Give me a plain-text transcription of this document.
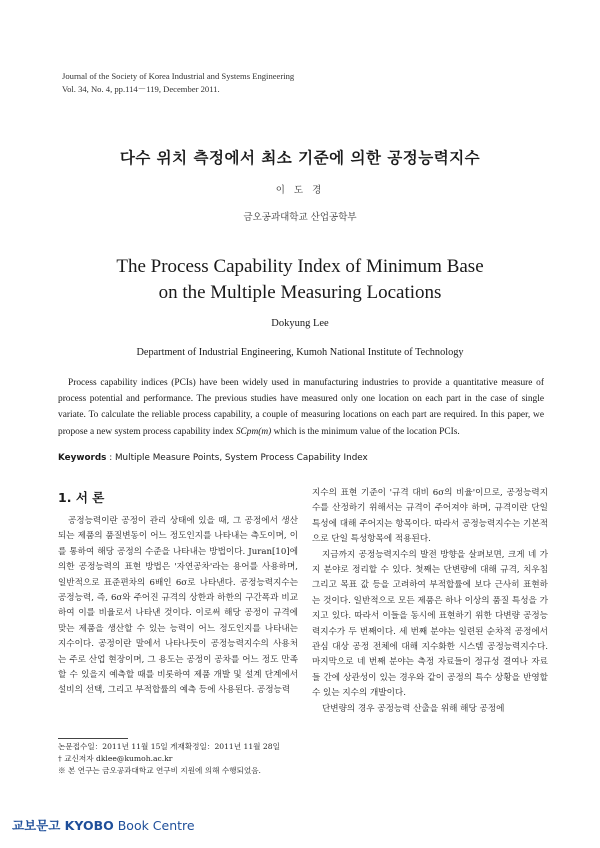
Journal of the Society of Korea Industrial and Systems Engineering
Vol. 34, No. 4, pp.114－119, December 2011.
다수 위치 측정에서 최소 기준에 의한 공정능력지수
이 도 경
금오공과대학교 산업공학부
The Process Capability Index of Minimum Base
on the Multiple Measuring Locations
Dokyung Lee
Department of Industrial Engineering, Kumoh National Institute of Technology

Process capability indices (PCIs) have been widely used in manufacturing industries to provide a quantitative measure of process potential and performance. The previous studies have measured only one location on each part in the case of single variate. To calculate the reliable process capability, a couple of measuring locations on each part are required. In this paper, we propose a new system process capability index SCpm(m) which is the minimum value of the location PCIs.

Keywords : Multiple Measure Points, System Process Capability Index
1. 서 론

공정능력이란 공정이 관리 상태에 있을 때, 그 공정에서 생산되는 제품의 품질변동이 어느 정도인지를 나타내는 측도이며, 이를 통하여 해당 공정의 수준을 나타내는 방법이다. Juran[10]에 의한 공정능력의 표현 방법은 '자연공차'라는 용어를 사용하며, 일반적으로 표준편차의 6배인 6σ로 나타낸다. 공정능력지수는 공정능력, 즉, 6σ와 주어진 규격의 상한과 하한의 구간폭과 비교하여 이를 비율로서 나타낸 것이다. 이로써 해당 공정이 규격에 맞는 제품을 생산할 수 있는 능력이 어느 정도인지를 나타내는 지수이다. 공정이란 말에서 나타나듯이 공정능력지수의 사용처는 주로 산업 현장이며, 그 용도는 공정이 공차를 어느 정도 만족할 수 있을지 예측할 때를 비롯하여 제품 개발 및 설계 단계에서 설비의 선택, 그리고 부적합률의 예측 등에 사용된다. 공정능력

지수의 표현 기준이 '규격 대비 6σ의 비율'이므로, 공정능력지수를 산정하기 위해서는 규격이 주어져야 하며, 규격이란 단일 특성에 대해 주어지는 항목이다. 따라서 공정능력지수는 기본적으로 단일 특성항목에 적용된다.

지금까지 공정능력지수의 발전 방향을 살펴보면, 크게 네 가지 분야로 정리할 수 있다. 첫째는 단변량에 대해 규격, 치우침 그리고 목표 값 등을 고려하여 부적합률에 보다 근사히 표현하는 것이다. 일반적으로 모든 제품은 하나 이상의 품질 특성을 가지고 있다. 따라서 이들을 동시에 표현하기 위한 다변량 공정능력지수가 두 번째이다. 세 번째 분야는 일련된 순차적 공정에서 관심 대상 공정 전체에 대해 지수화한 시스템 공정능력지수다. 마지막으로 네 번째 분야는 측정 자료들이 정규성 결여나 자료들 간에 상관성이 있는 경우와 같이 공정의 특수 상황을 반영할 수 있는 지수의 개발이다.

단변량의 경우 공정능력 산출을 위해 해당 공정에

논문접수일：2011년 11월 15일 게재확정일：2011년 11월 28일
† 교신저자 dklee@kumoh.ac.kr
※ 본 연구는 금오공과대학교 연구비 지원에 의해 수행되었음.
교보문고 KYOBO Book Centre
